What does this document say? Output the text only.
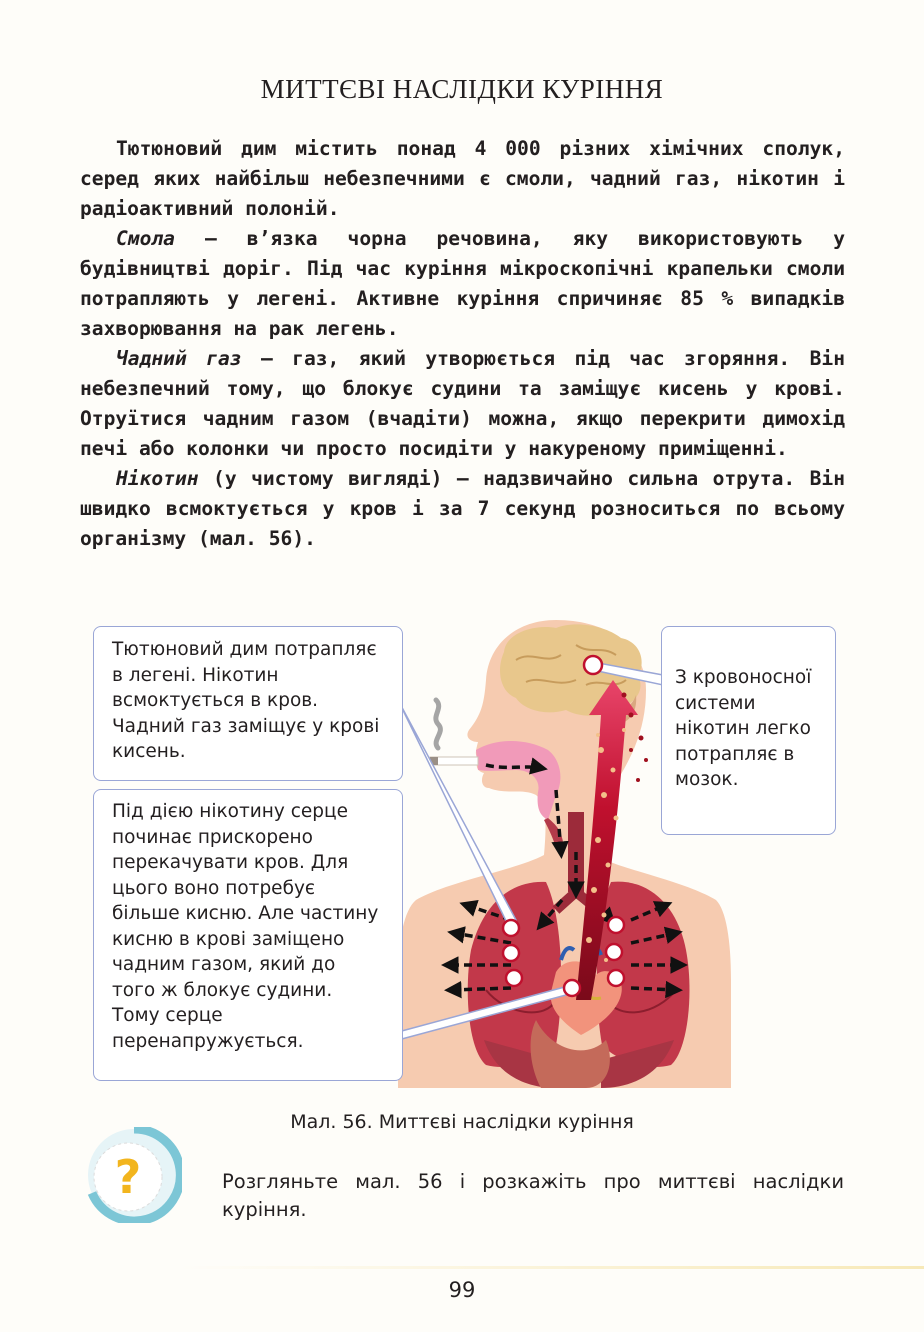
МИТТЄВІ НАСЛІДКИ КУРІННЯ

Тютюновий дим містить понад 4 000 різних хімічних сполук, серед яких найбільш небезпечними є смоли, чадний газ, нікотин і радіоактивний полоній.

Смола — в’язка чорна речовина, яку використовують у будівництві доріг. Під час куріння мікроскопічні крапельки смоли потрапляють у легені. Активне куріння спричиняє 85 % випадків захворювання на рак легень.

Чадний газ — газ, який утворюється під час згоряння. Він небезпечний тому, що блокує судини та заміщує кисень у крові. Отруїтися чадним газом (вчадіти) можна, якщо перекрити димохід печі або колонки чи просто посидіти у накуреному приміщенні.

Нікотин (у чистому вигляді) — надзвичайно сильна отрута. Він швидко всмоктується у кров і за 7 секунд розноситься по всьому організму (мал. 56).

Тютюновий дим потрапляє в легені. Нікотин всмоктується в кров. Чадний газ заміщує у крові кисень.
Під дією нікотину серце починає прискорено перекачувати кров. Для цього воно потребує більше кисню. Але частину кисню в крові заміщено чадним газом, який до того ж блокує судини. Тому серце перенапружується.
З кровоносної системи нікотин легко потрапляє в мозок.
Мал. 56. Миттєві наслідки куріння
?	Розгляньте мал. 56 і розкажіть про миттєві наслідки куріння.
99
